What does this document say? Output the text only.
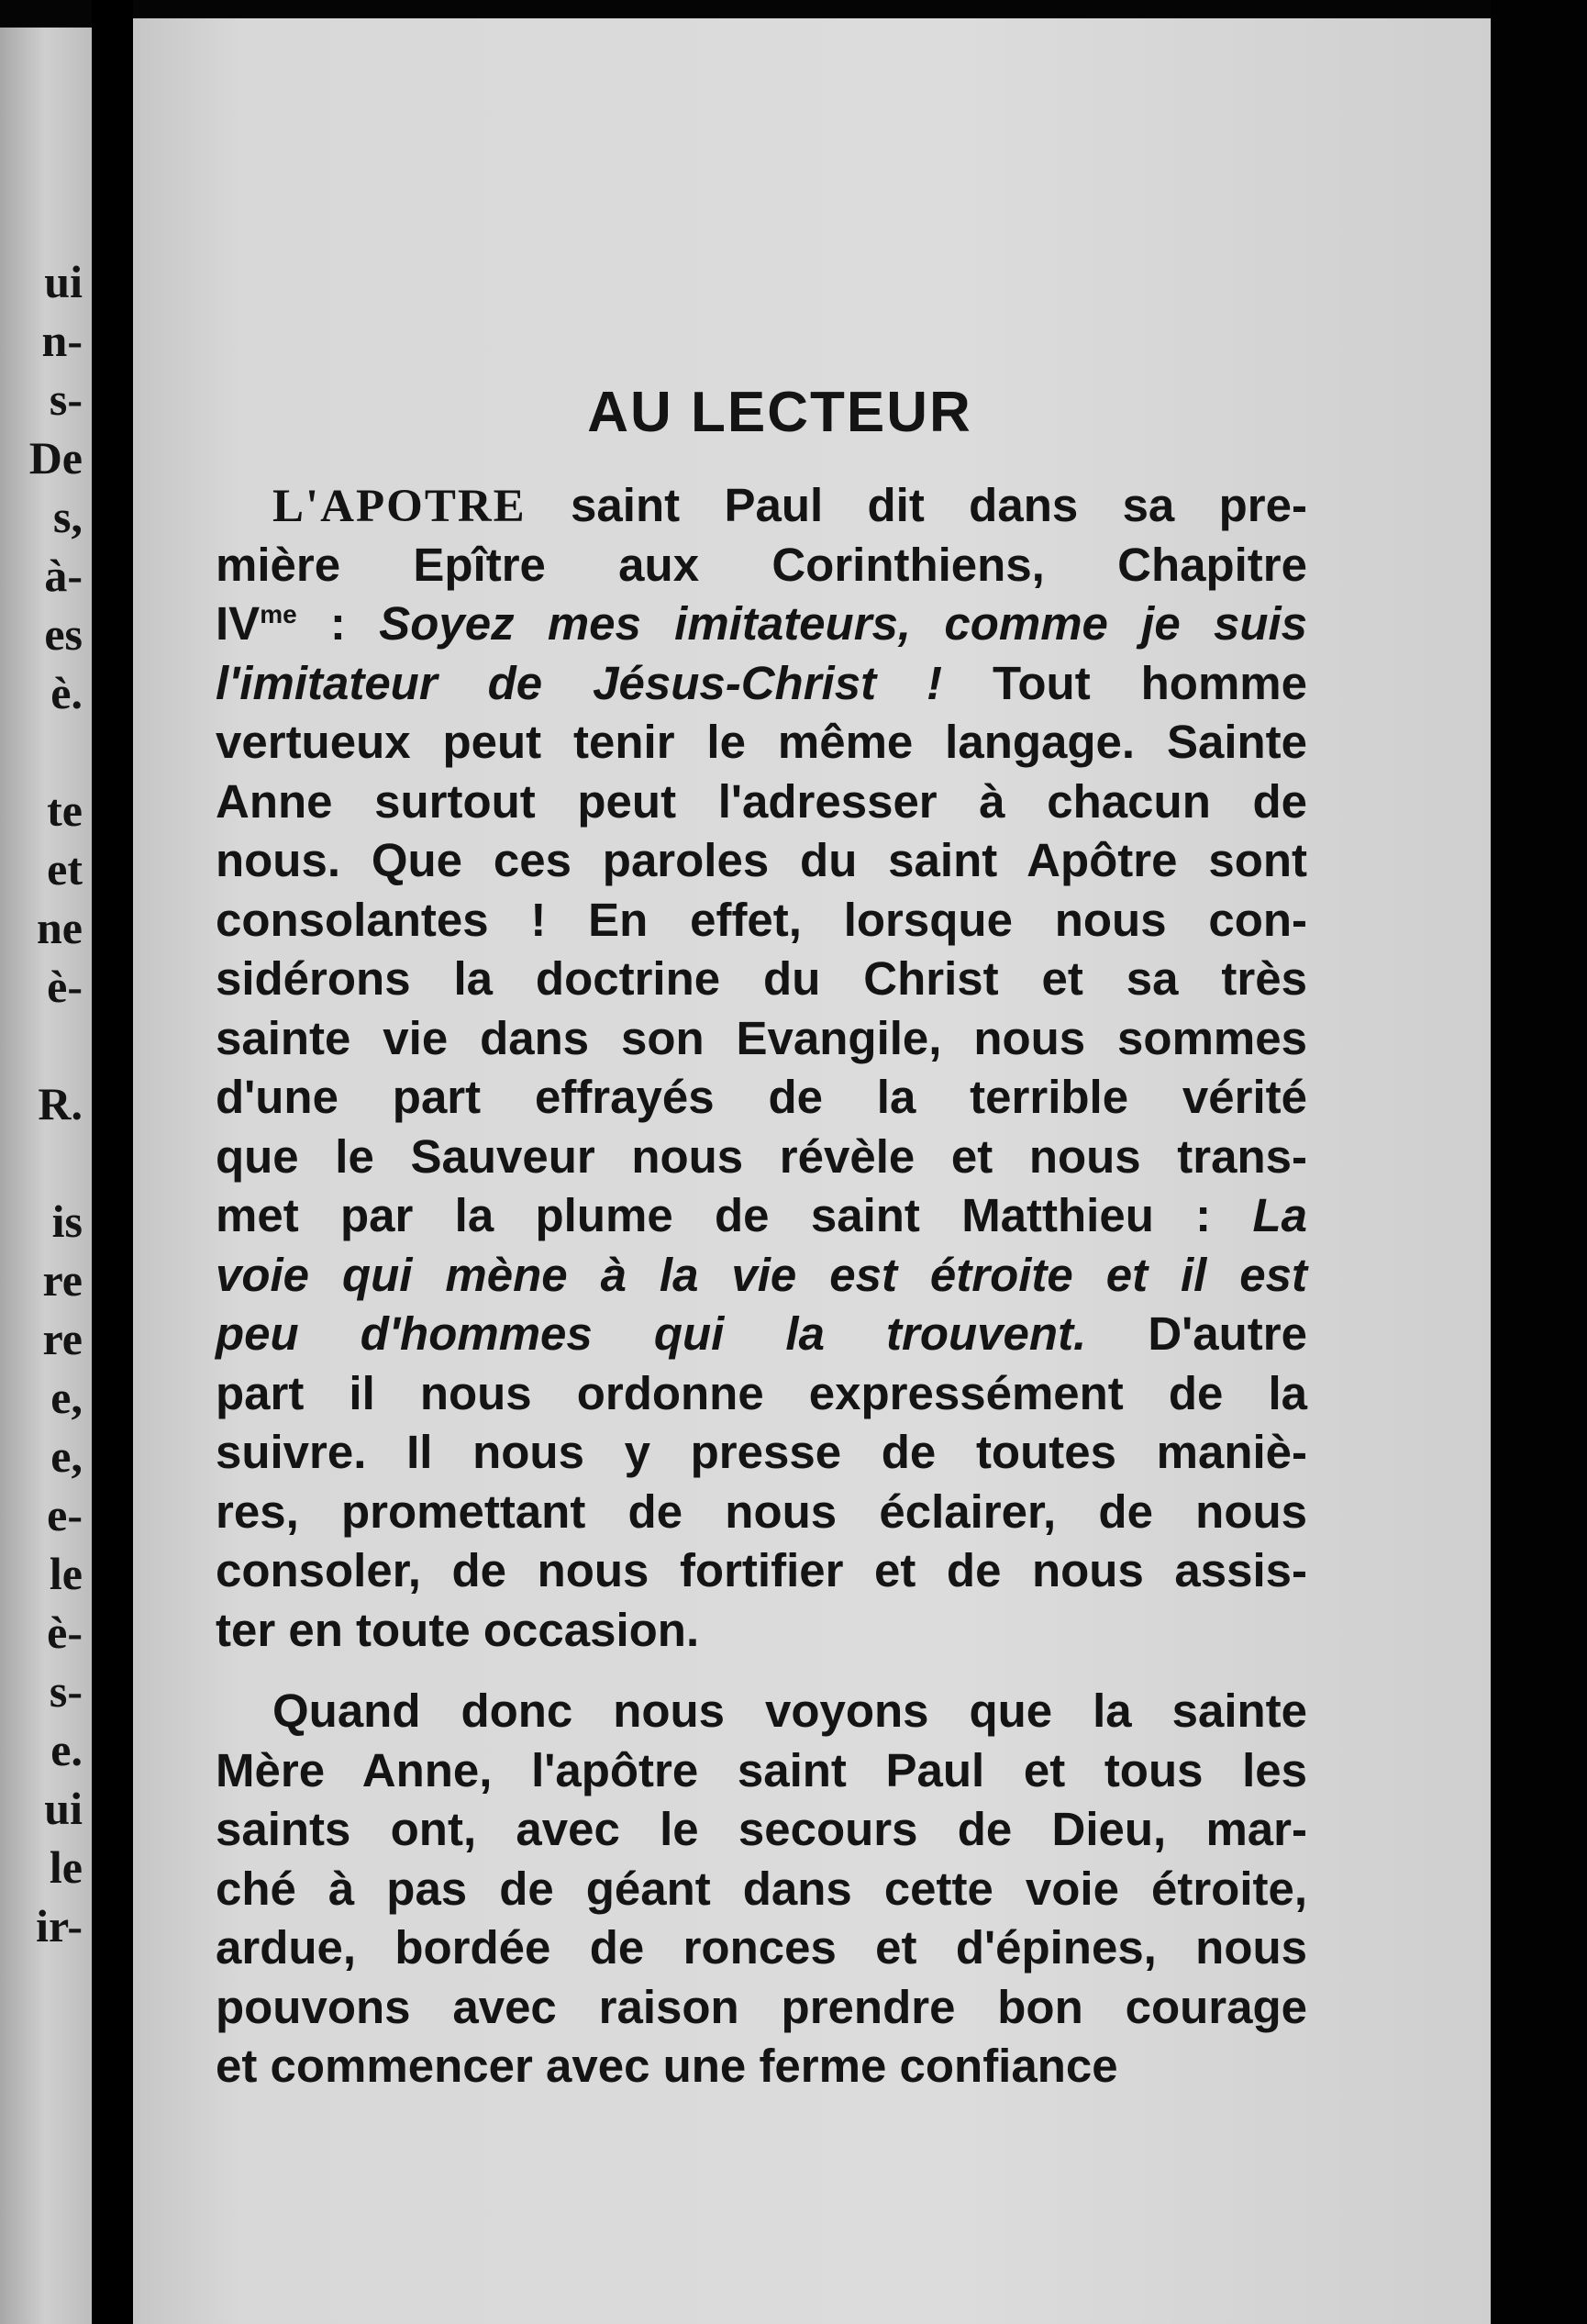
ui
n-
s-
De
s,
à-
es
è.
te
et
ne
è-
R.
is
re
re
e,
e,
e-
le
è-
s-
e.
ui
le
ir-
AU LECTEUR
L'APOTRE saint Paul dit dans sa pre-
mière Epître aux Corinthiens, Chapitre
$IV^{me}$ : Soyez mes imitateurs, comme je suis
l'imitateur de Jésus-Christ ! Tout homme
vertueux peut tenir le même langage. Sainte
Anne surtout peut l'adresser à chacun de
nous. Que ces paroles du saint Apôtre sont
consolantes ! En effet, lorsque nous con-
sidérons la doctrine du Christ et sa très
sainte vie dans son Evangile, nous sommes
d'une part effrayés de la terrible vérité
que le Sauveur nous révèle et nous trans-
met par la plume de saint Matthieu : La
voie qui mène à la vie est étroite et il est
peu d'hommes qui la trouvent. D'autre
part il nous ordonne expressément de la
suivre. Il nous y presse de toutes maniè-
res, promettant de nous éclairer, de nous
consoler, de nous fortifier et de nous assis-
ter en toute occasion.
Quand donc nous voyons que la sainte
Mère Anne, l'apôtre saint Paul et tous les
saints ont, avec le secours de Dieu, mar-
ché à pas de géant dans cette voie étroite,
ardue, bordée de ronces et d'épines, nous
pouvons avec raison prendre bon courage
et commencer avec une ferme confiance
